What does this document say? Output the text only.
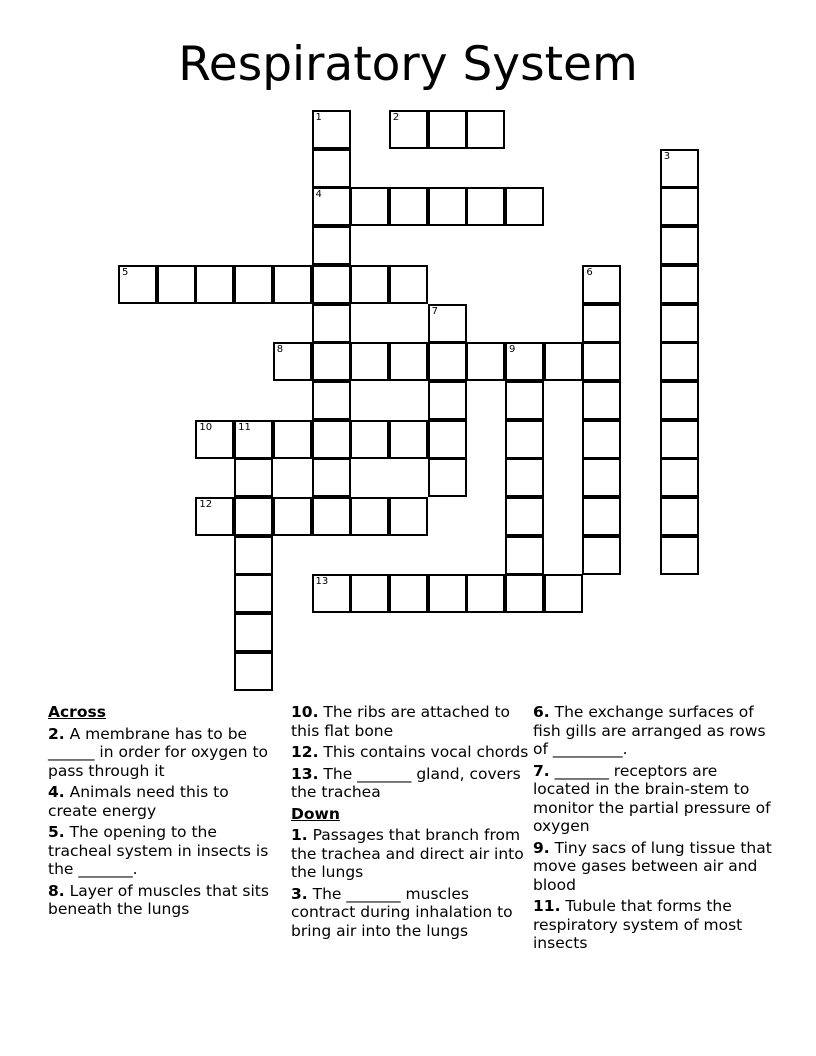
Respiratory System
1
4
2
3
5	6
7
8	9
10	11
12
13
Across
2. A membrane has to be ______ in order for oxygen to pass through it
4. Animals need this to create energy
5. The opening to the tracheal system in insects is the _______.
8. Layer of muscles that sits beneath the lungs
10. The ribs are attached to this flat bone
12. This contains vocal chords
13. The _______ gland, covers the trachea
Down
1. Passages that branch from the trachea and direct air into the lungs
3. The _______ muscles contract during inhalation to bring air into the lungs
6. The exchange surfaces of fish gills are arranged as rows of _________.
7. _______ receptors are located in the brain-stem to monitor the partial pressure of oxygen
9. Tiny sacs of lung tissue that move gases between air and blood
11. Tubule that forms the respiratory system of most insects
